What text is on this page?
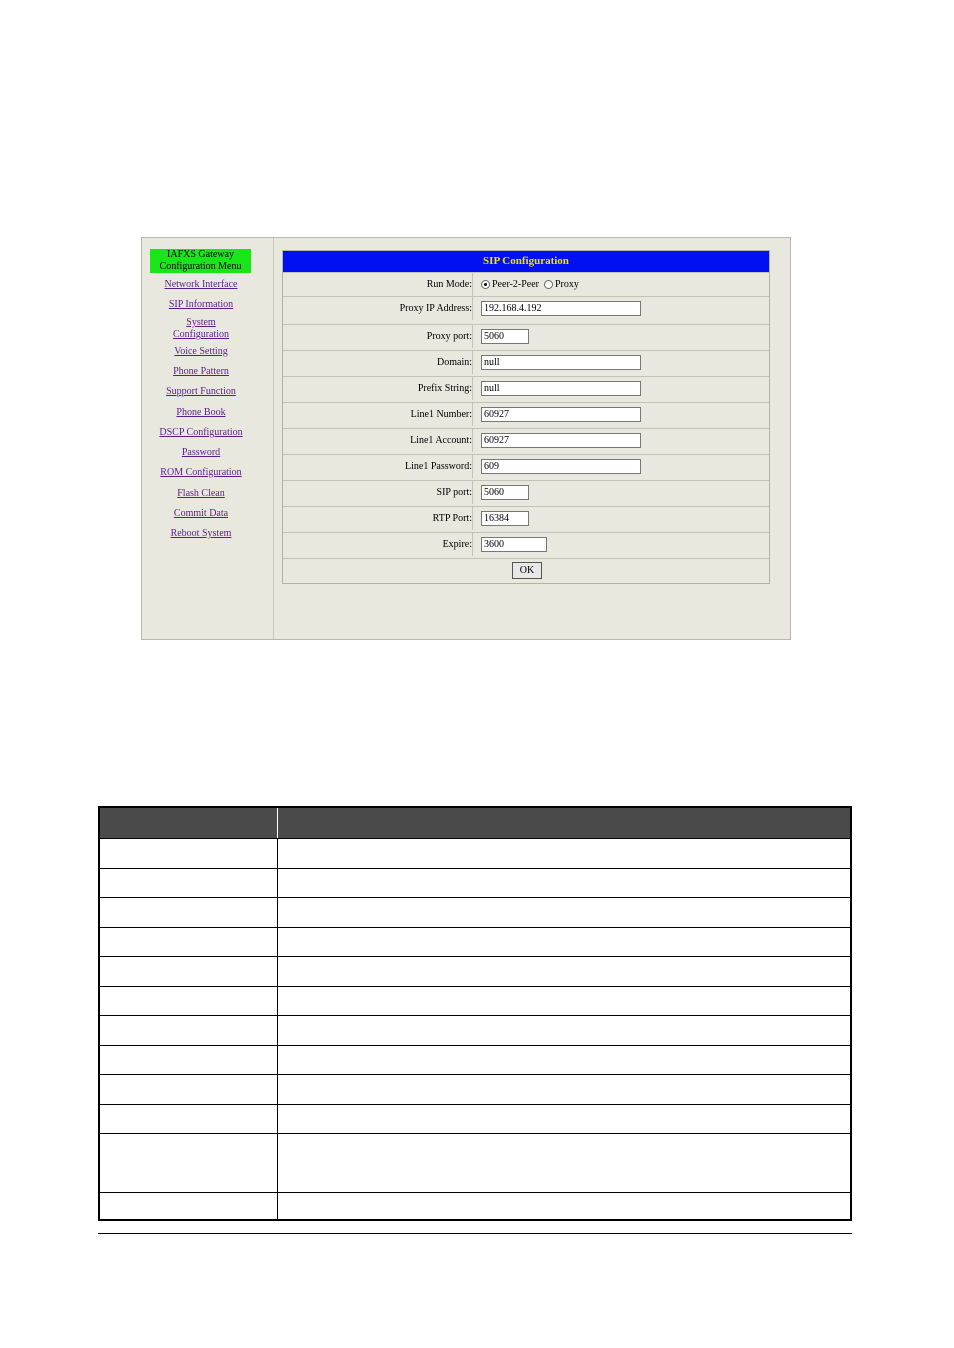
IAFXS Gateway Configuration Menu
Network Interface
SIP Information
System
Configuration
Voice Setting
Phone Pattern
Support Function
Phone Book
DSCP Configuration
Password
ROM Configuration
Flash Clean
Commit Data
Reboot System
SIP Configuration
Run Mode:	Peer-2-Peer Proxy
Proxy IP Address:	192.168.4.192
Proxy port:	5060
Domain:	null
Prefix String:	null
Line1 Number:	60927
Line1 Account:	60927
Line1 Password:	609
SIP port:	5060
RTP Port:	16384
Expire:	3600
OK
